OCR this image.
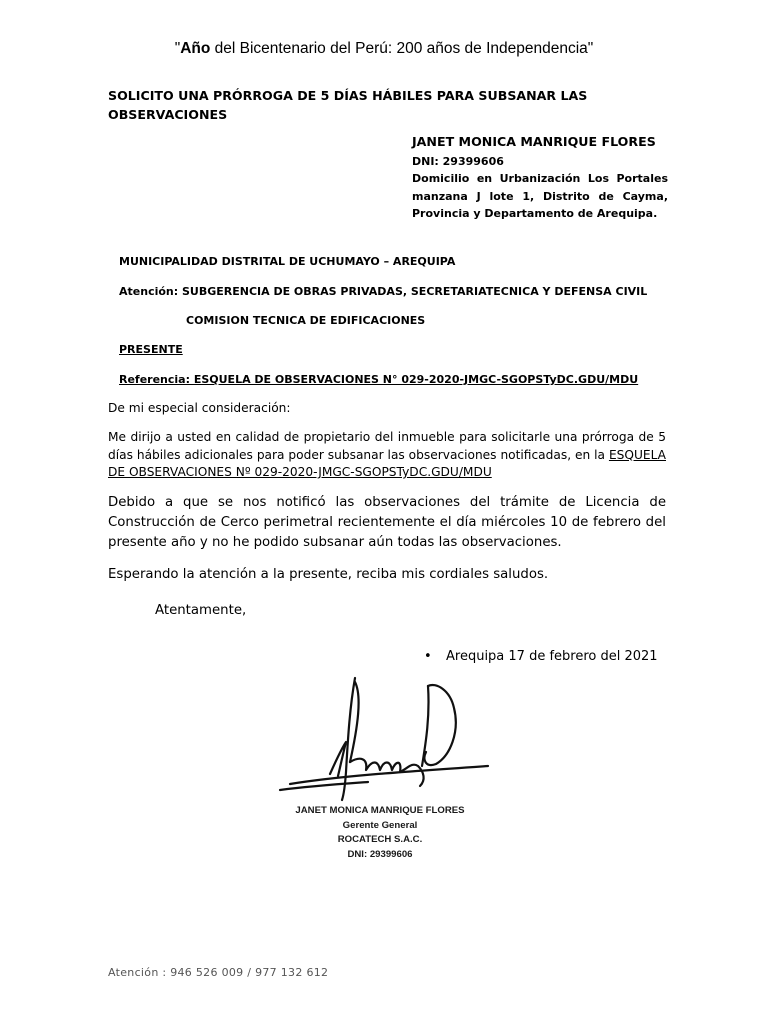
"Año del Bicentenario del Perú: 200 años de Independencia"
SOLICITO UNA PRÓRROGA DE 5 DÍAS HÁBILES PARA SUBSANAR LAS OBSERVACIONES
JANET MONICA MANRIQUE FLORES
DNI: 29399606
Domicilio en Urbanización Los Portales manzana J lote 1, Distrito de Cayma, Provincia y Departamento de Arequipa.
MUNICIPALIDAD DISTRITAL DE UCHUMAYO – AREQUIPA
Atención: SUBGERENCIA DE OBRAS PRIVADAS, SECRETARIATECNICA Y DEFENSA CIVIL
COMISION TECNICA DE EDIFICACIONES
PRESENTE
Referencia: ESQUELA DE OBSERVACIONES N° 029-2020-JMGC-SGOPSTyDC.GDU/MDU
De mi especial consideración:
Me dirijo a usted en calidad de propietario del inmueble para solicitarle una prórroga de 5 días hábiles adicionales para poder subsanar las observaciones notificadas, en la ESQUELA DE OBSERVACIONES Nº 029-2020-JMGC-SGOPSTyDC.GDU/MDU
Debido a que se nos notificó las observaciones del trámite de Licencia de Construcción de Cerco perimetral recientemente el día miércoles 10 de febrero del presente año y no he podido subsanar aún todas las observaciones.
Esperando la atención a la presente, reciba mis cordiales saludos.
Atentamente,
• Arequipa 17 de febrero del 2021
JANET MONICA MANRIQUE FLORES
Gerente General
ROCATECH S.A.C.
DNI: 29399606
Atención : 946 526 009 / 977 132 612
